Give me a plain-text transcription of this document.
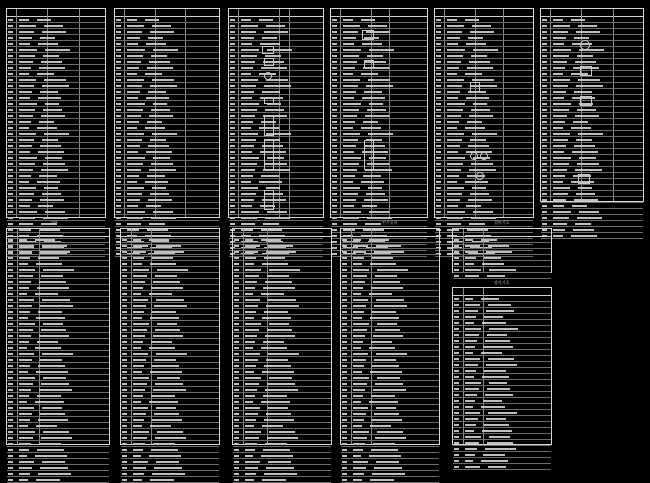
대형	전기설비	설비기호
장비기호
